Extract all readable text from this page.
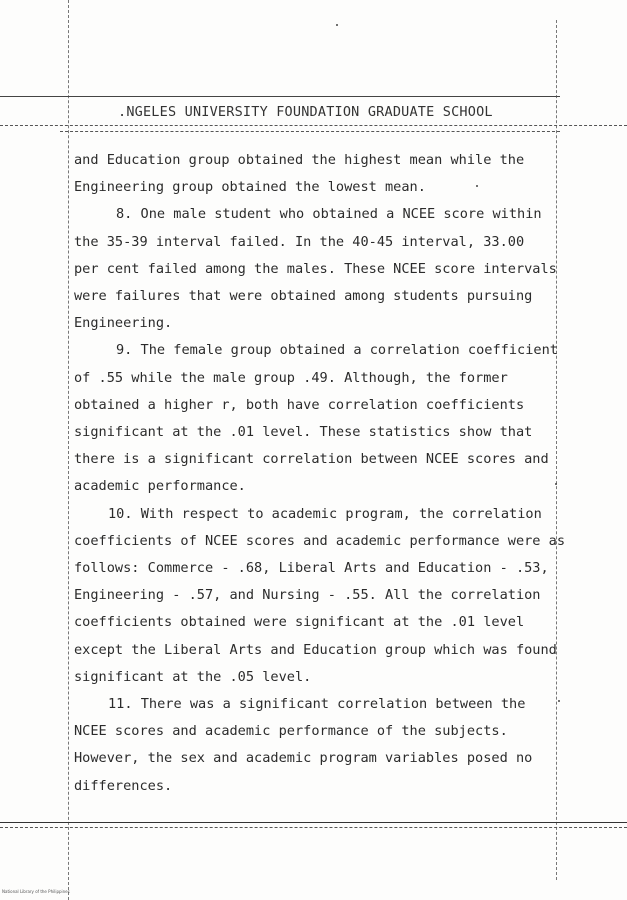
.NGELES UNIVERSITY FOUNDATION GRADUATE SCHOOL

and Education group obtained the highest mean while the

Engineering group obtained the lowest mean.

8. One male student who obtained a NCEE score within

the 35-39 interval failed. In the 40-45 interval, 33.00

per cent failed among the males. These NCEE score intervals

were failures that were obtained among students pursuing

Engineering.

9. The female group obtained a correlation coefficient

of .55 while the male group .49. Although, the former

obtained a higher r, both have correlation coefficients

significant at the .01 level. These statistics show that

there is a significant correlation between NCEE scores and

academic performance.

10. With respect to academic program, the correlation

coefficients of NCEE scores and academic performance were as

follows: Commerce - .68, Liberal Arts and Education - .53,

Engineering - .57, and Nursing - .55. All the correlation

coefficients obtained were significant at the .01 level

except the Liberal Arts and Education group which was found

significant at the .05 level.

11. There was a significant correlation between the

NCEE scores and academic performance of the subjects.

However, the sex and academic program variables posed no

differences.

National Library of the Philippines
